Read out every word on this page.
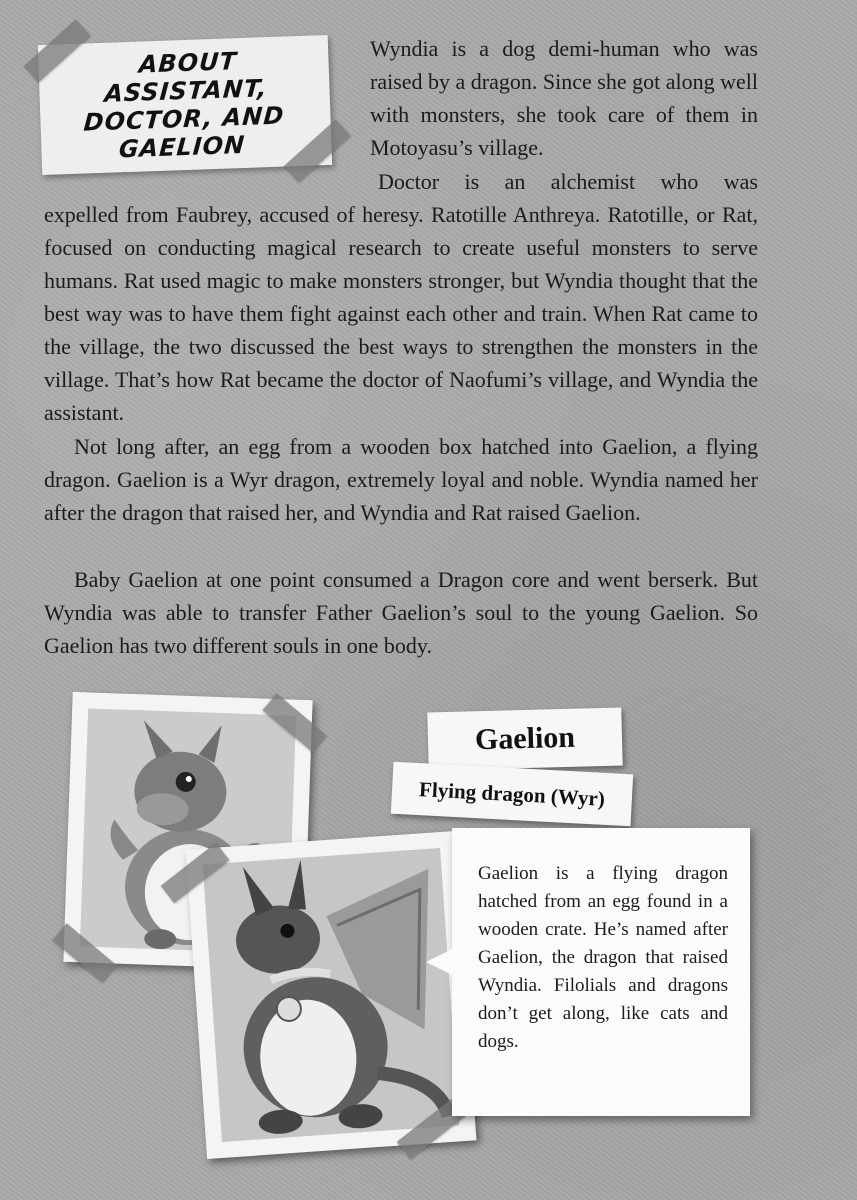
ABOUT ASSISTANT, DOCTOR, AND GAELION

Wyndia is a dog demi-human who was raised by a dragon. Since she got along well with monsters, she took care of them in Motoyasu’s village.

Doctor is an alchemist who was

expelled from Faubrey, accused of heresy. Ratotille Anthreya. Ratotille, or Rat, focused on conducting magical research to create useful monsters to serve humans. Rat used magic to make monsters stronger, but Wyndia thought that the best way was to have them fight against each other and train. When Rat came to the village, the two discussed the best ways to strengthen the monsters in the village. That’s how Rat became the doctor of Naofumi’s village, and Wyndia the assistant.

Not long after, an egg from a wooden box hatched into Gaelion, a flying dragon. Gaelion is a Wyr dragon, extremely loyal and noble. Wyndia named her after the dragon that raised her, and Wyndia and Rat raised Gaelion.

Baby Gaelion at one point consumed a Dragon core and went berserk. But Wyndia was able to transfer Father Gaelion’s soul to the young Gaelion. So Gaelion has two different souls in one body.

Gaelion
Flying dragon (Wyr)
Gaelion is a flying dragon hatched from an egg found in a wooden crate. He’s named after Gaelion, the dragon that raised Wyndia. Filolials and dragons don’t get along, like cats and dogs.
